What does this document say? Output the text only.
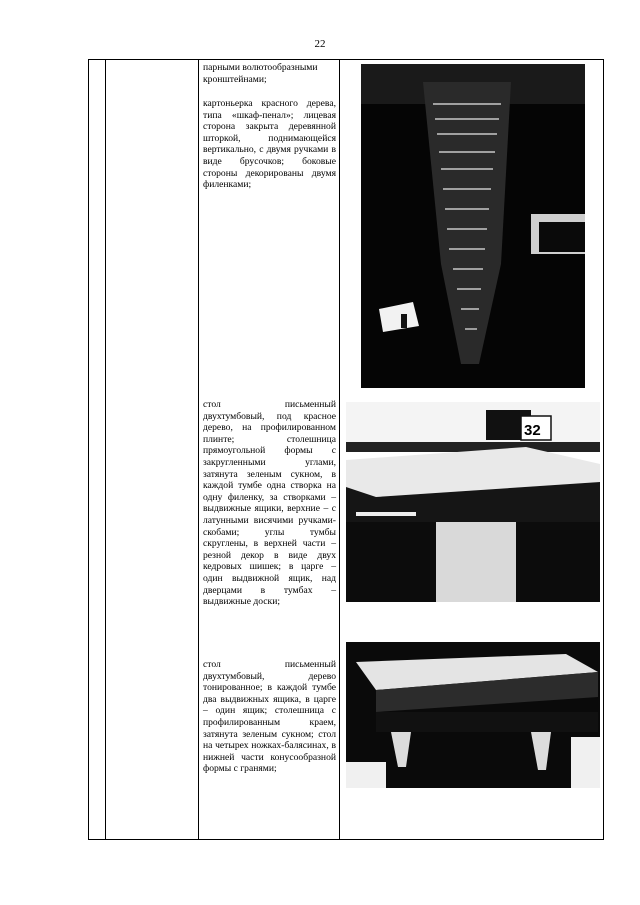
22
парными волютообразными
кронштейнами;
картоньерка красного дерева, типа «шкаф-пенал»; лицевая сторона закрыта деревянной шторкой, поднимающейся вертикально, с двумя ручками в виде брусочков; боковые стороны декорированы двумя филенками;
стол письменный двухтумбовый, под красное дерево, на профилированном плинте; столешница прямоугольной формы с закругленными углами, затянута зеленым сукном, в каждой тумбе одна створка на одну филенку, за створками – выдвижные ящики, верхние – с латунными висячими ручками-скобами; углы тумбы скруглены, в верхней части – резной декор в виде двух кедровых шишек; в царге – один выдвижной ящик, над дверцами в тумбах – выдвижные доски;
стол письменный двухтумбовый, дерево тонированное; в каждой тумбе два выдвижных ящика, в царге – один ящик; столешница с профилированным краем, затянута зеленым сукном; стол на четырех ножках-балясинах, в нижней части конусообразной формы с гранями;
32
